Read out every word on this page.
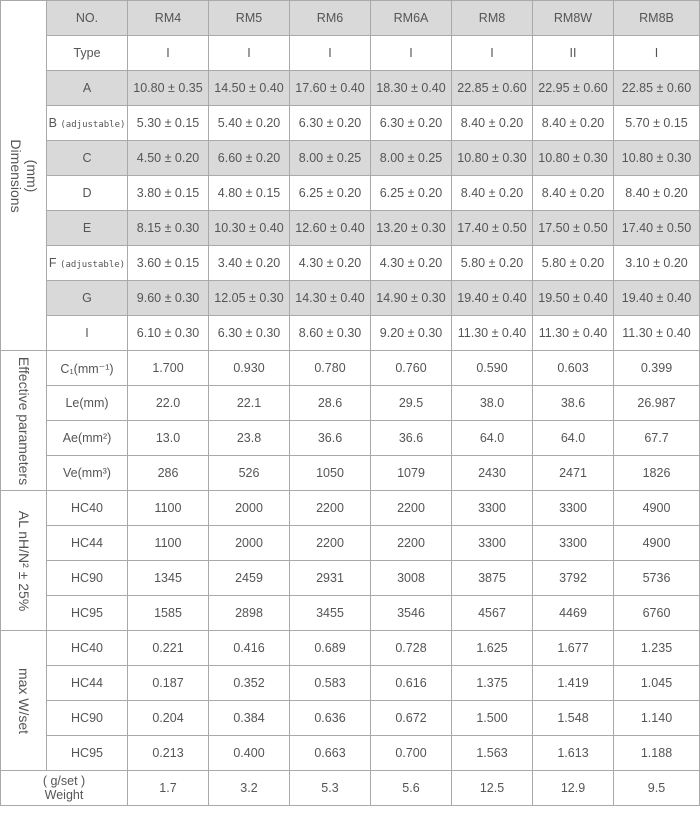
(mm)
Dimensions	NO.	RM4	RM5	RM6	RM6A	RM8	RM8W	RM8B
	Type	I	I	I	I	I	II	I
	A	10.80 ± 0.35	14.50 ± 0.40	17.60 ± 0.40	18.30 ± 0.40	22.85 ± 0.60	22.95 ± 0.60	22.85 ± 0.60
	B (adjustable)	5.30 ± 0.15	5.40 ± 0.20	6.30 ± 0.20	6.30 ± 0.20	8.40 ± 0.20	8.40 ± 0.20	5.70 ± 0.15
	C	4.50 ± 0.20	6.60 ± 0.20	8.00 ± 0.25	8.00 ± 0.25	10.80 ± 0.30	10.80 ± 0.30	10.80 ± 0.30
	D	3.80 ± 0.15	4.80 ± 0.15	6.25 ± 0.20	6.25 ± 0.20	8.40 ± 0.20	8.40 ± 0.20	8.40 ± 0.20
	E	8.15 ± 0.30	10.30 ± 0.40	12.60 ± 0.40	13.20 ± 0.30	17.40 ± 0.50	17.50 ± 0.50	17.40 ± 0.50
	F (adjustable)	3.60 ± 0.15	3.40 ± 0.20	4.30 ± 0.20	4.30 ± 0.20	5.80 ± 0.20	5.80 ± 0.20	3.10 ± 0.20
	G	9.60 ± 0.30	12.05 ± 0.30	14.30 ± 0.40	14.90 ± 0.30	19.40 ± 0.40	19.50 ± 0.40	19.40 ± 0.40
	I	6.10 ± 0.30	6.30 ± 0.30	8.60 ± 0.30	9.20 ± 0.30	11.30 ± 0.40	11.30 ± 0.40	11.30 ± 0.40

Effective parameters	C₁(mm⁻¹)	1.700	0.930	0.780	0.760	0.590	0.603	0.399
	Le(mm)	22.0	22.1	28.6	29.5	38.0	38.6	26.987
	Ae(mm²)	13.0	23.8	36.6	36.6	64.0	64.0	67.7
	Ve(mm³)	286	526	1050	1079	2430	2471	1826

AL nH/N² ± 25%	HC40	1100	2000	2200	2200	3300	3300	4900
	HC44	1100	2000	2200	2200	3300	3300	4900
	HC90	1345	2459	2931	3008	3875	3792	5736
	HC95	1585	2898	3455	3546	4567	4469	6760

max W/set	HC40	0.221	0.416	0.689	0.728	1.625	1.677	1.235
	HC44	0.187	0.352	0.583	0.616	1.375	1.419	1.045
	HC90	0.204	0.384	0.636	0.672	1.500	1.548	1.140
	HC95	0.213	0.400	0.663	0.700	1.563	1.613	1.188

( g/set )
Weight		1.7	3.2	5.3	5.6	12.5	12.9	9.5
